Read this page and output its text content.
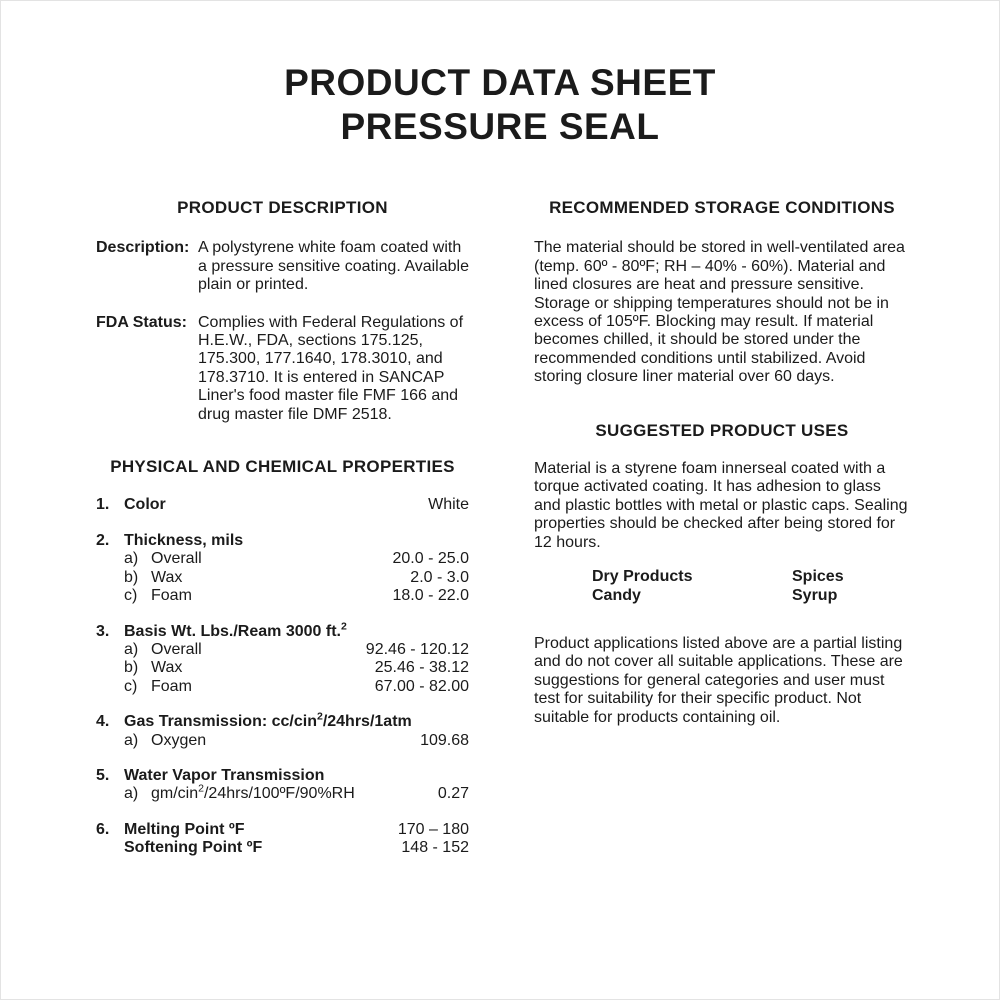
PRODUCT DATA SHEET
PRESSURE SEAL
PRODUCT DESCRIPTION
Description: A polystyrene white foam coated with a pressure sensitive coating. Available plain or printed.
FDA Status: Complies with Federal Regulations of H.E.W., FDA, sections 175.125, 175.300, 177.1640, 178.3010, and 178.3710. It is entered in SANCAP Liner's food master file FMF 166 and drug master file DMF 2518.
PHYSICAL AND CHEMICAL PROPERTIES
1. Color	White
2. Thickness, mils
a) Overall	20.0 - 25.0
b) Wax	2.0 - 3.0
c) Foam	18.0 - 22.0
3. Basis Wt. Lbs./Ream 3000 ft.$^2$
a) Overall	92.46 - 120.12
b) Wax	25.46 - 38.12
c) Foam	67.00 - 82.00
4. Gas Transmission: cc/cin$^2$/24hrs/1atm
a) Oxygen	109.68
5. Water Vapor Transmission
a) gm/cin$^2$/24hrs/100ºF/90%RH	0.27
6. Melting Point ºF	170 – 180
Softening Point ºF	148 - 152
RECOMMENDED STORAGE CONDITIONS

The material should be stored in well-ventilated area (temp. 60º - 80ºF; RH – 40% - 60%). Material and lined closures are heat and pressure sensitive. Storage or shipping temperatures should not be in excess of 105ºF. Blocking may result. If material becomes chilled, it should be stored under the recommended conditions until stabilized. Avoid storing closure liner material over 60 days.

SUGGESTED PRODUCT USES

Material is a styrene foam innerseal coated with a torque activated coating. It has adhesion to glass and plastic bottles with metal or plastic caps. Sealing properties should be checked after being stored for 12 hours.

Dry Products	Spices
Candy	Syrup

Product applications listed above are a partial listing and do not cover all suitable applications. These are suggestions for general categories and user must test for suitability for their specific product. Not suitable for products containing oil.
